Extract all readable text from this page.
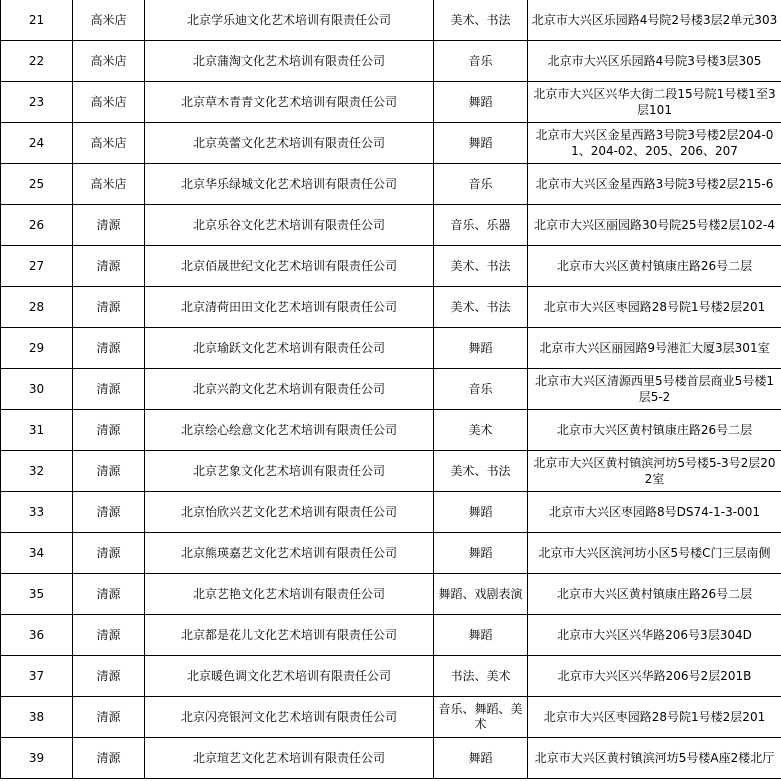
21	高米店	北京学乐迪文化艺术培训有限责任公司	美术、书法	北京市大兴区乐园路4号院2号楼3层2单元303
22	高米店	北京蒲淘文化艺术培训有限责任公司	音乐	北京市大兴区乐园路4号院3号楼3层305
23	高米店	北京草木青青文化艺术培训有限责任公司	舞蹈	北京市大兴区兴华大街二段15号院1号楼1至3层101
24	高米店	北京英蕾文化艺术培训有限责任公司	舞蹈	北京市大兴区金星西路3号院3号楼2层204-01、204-02、205、206、207
25	高米店	北京华乐绿城文化艺术培训有限责任公司	音乐	北京市大兴区金星西路3号院3号楼2层215-6
26	清源	北京乐谷文化艺术培训有限责任公司	音乐、乐器	北京市大兴区丽园路30号院25号楼2层102-4
27	清源	北京佰晟世纪文化艺术培训有限责任公司	美术、书法	北京市大兴区黄村镇康庄路26号二层
28	清源	北京清荷田田文化艺术培训有限责任公司	美术、书法	北京市大兴区枣园路28号院1号楼2层201
29	清源	北京瑜跃文化艺术培训有限责任公司	舞蹈	北京市大兴区丽园路9号港汇大厦3层301室
30	清源	北京兴韵文化艺术培训有限责任公司	音乐	北京市大兴区清源西里5号楼首层商业5号楼1层5-2
31	清源	北京绘心绘意文化艺术培训有限责任公司	美术	北京市大兴区黄村镇康庄路26号二层
32	清源	北京艺象文化艺术培训有限责任公司	美术、书法	北京市大兴区黄村镇滨河坊5号楼5-3号2层202室
33	清源	北京怡欣兴艺文化艺术培训有限责任公司	舞蹈	北京市大兴区枣园路8号DS74-1-3-001
34	清源	北京熊瑛嘉艺文化艺术培训有限责任公司	舞蹈	北京市大兴区滨河坊小区5号楼C门三层南侧
35	清源	北京艺艳文化艺术培训有限责任公司	舞蹈、戏剧表演	北京市大兴区黄村镇康庄路26号二层
36	清源	北京都是花儿文化艺术培训有限责任公司	舞蹈	北京市大兴区兴华路206号3层304D
37	清源	北京暖色调文化艺术培训有限责任公司	书法、美术	北京市大兴区兴华路206号2层201B
38	清源	北京闪亮银河文化艺术培训有限责任公司	音乐、舞蹈、美术	北京市大兴区枣园路28号院1号楼2层201
39	清源	北京瑄艺文化艺术培训有限责任公司	舞蹈	北京市大兴区黄村镇滨河坊5号楼A座2楼北厅
